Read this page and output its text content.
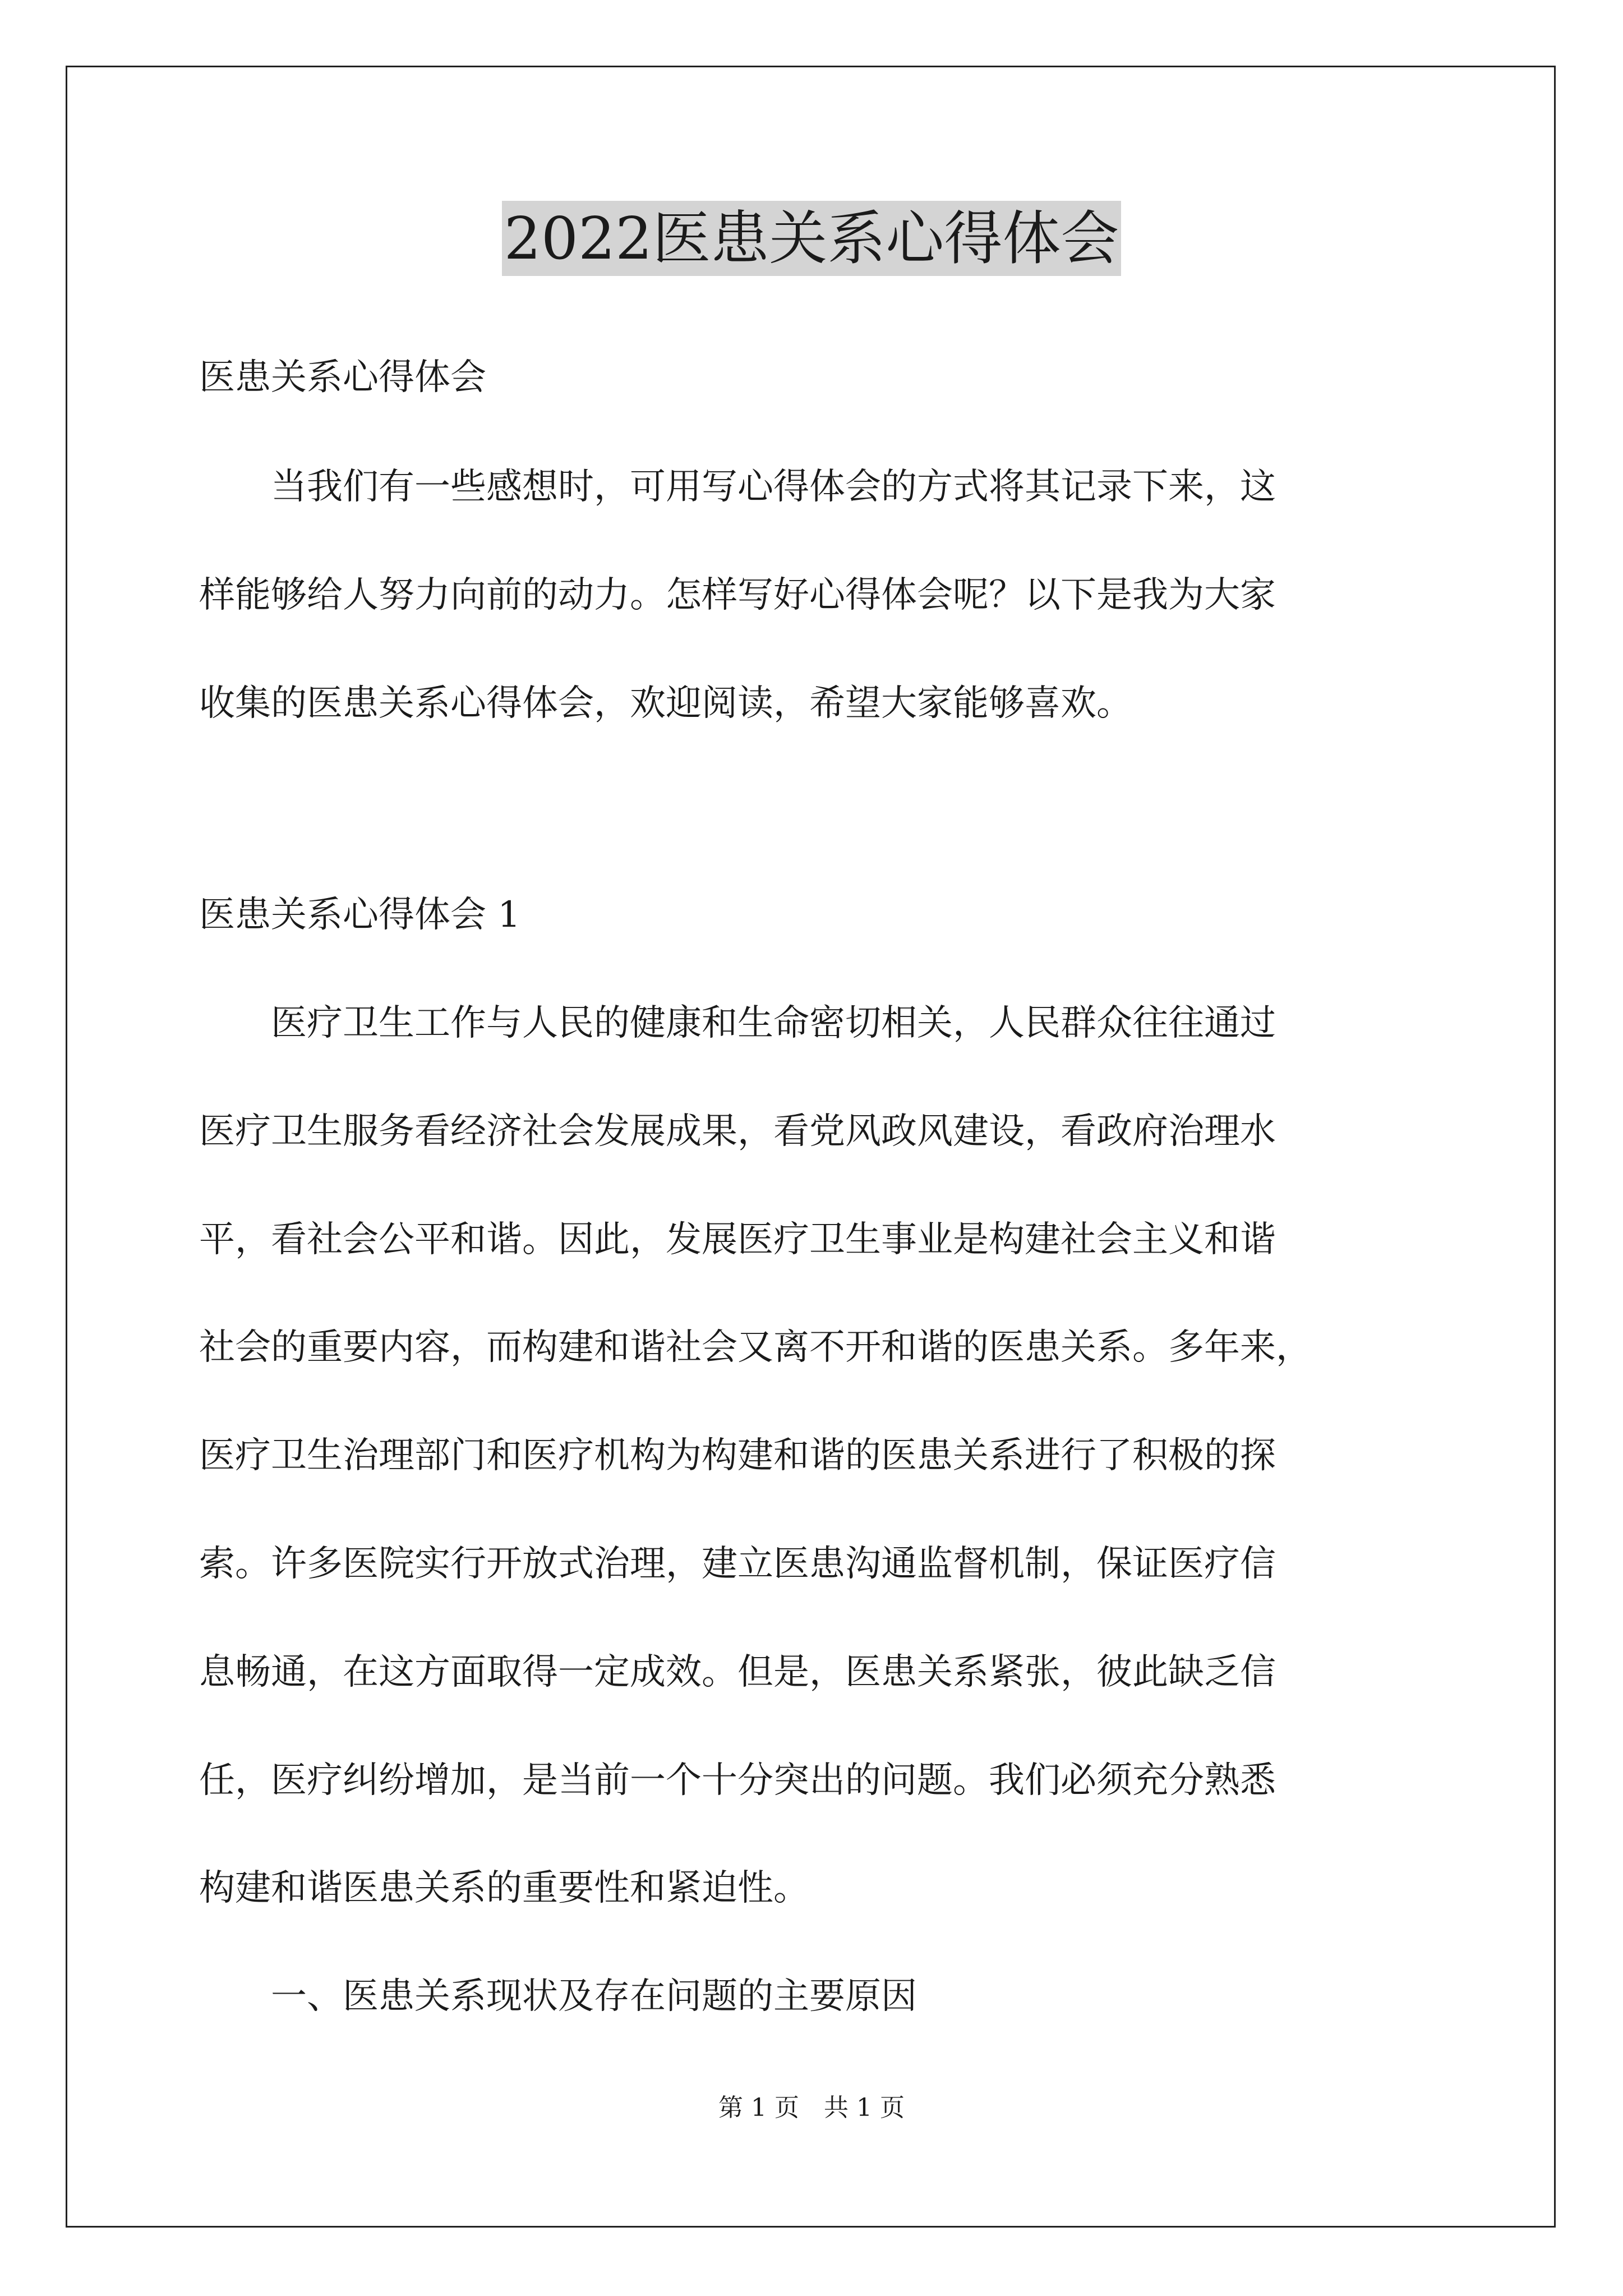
2022医患关系心得体会

医患关系心得体会

当我们有一些感想时，可用写心得体会的方式将其记录下来，这

样能够给人努力向前的动力。怎样写好心得体会呢？以下是我为大家

收集的医患关系心得体会，欢迎阅读，希望大家能够喜欢。

医患关系心得体会 1

医疗卫生工作与人民的健康和生命密切相关，人民群众往往通过

医疗卫生服务看经济社会发展成果，看党风政风建设，看政府治理水

平，看社会公平和谐。因此，发展医疗卫生事业是构建社会主义和谐

社会的重要内容，而构建和谐社会又离不开和谐的医患关系。多年来，

医疗卫生治理部门和医疗机构为构建和谐的医患关系进行了积极的探

索。许多医院实行开放式治理，建立医患沟通监督机制，保证医疗信

息畅通，在这方面取得一定成效。但是，医患关系紧张，彼此缺乏信

任，医疗纠纷增加，是当前一个十分突出的问题。我们必须充分熟悉

构建和谐医患关系的重要性和紧迫性。

一、医患关系现状及存在问题的主要原因

第 1 页　共 1 页
